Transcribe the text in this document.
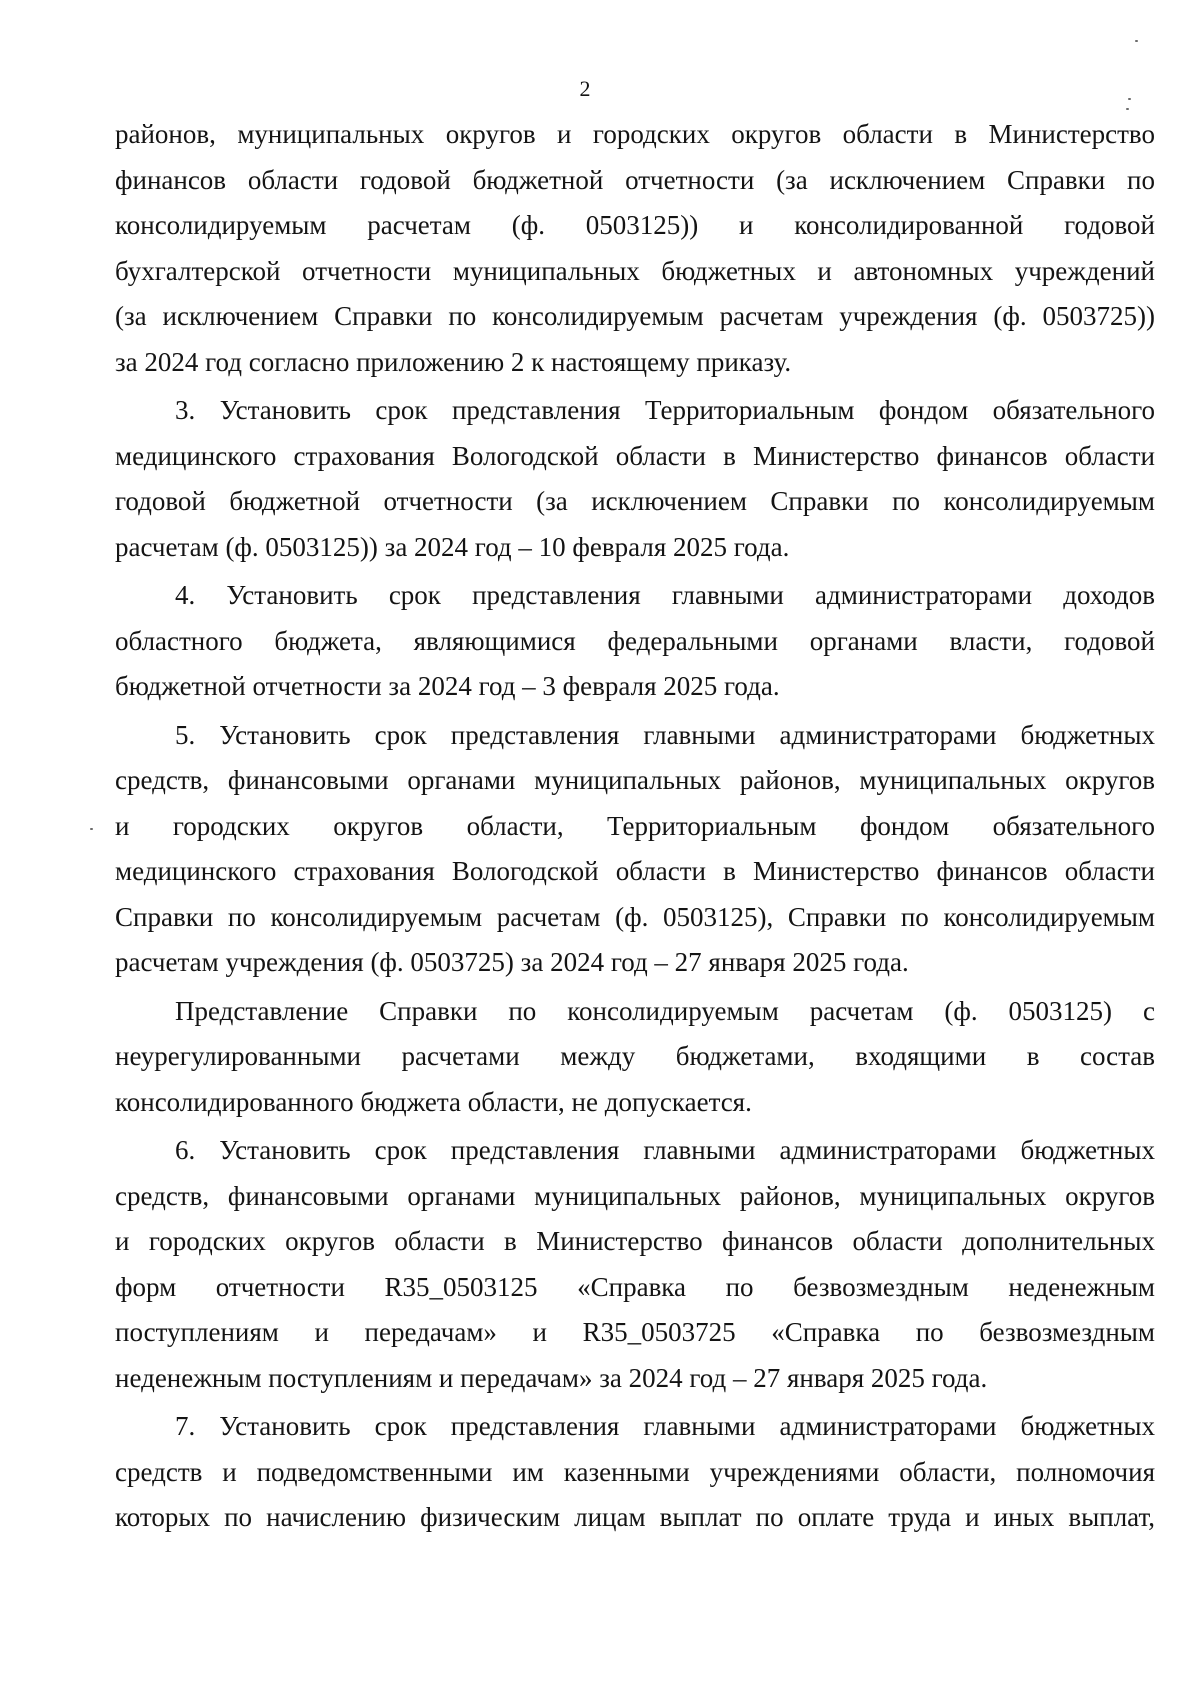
2
районов, муниципальных округов и городских округов области в Министерство
финансов области годовой бюджетной отчетности (за исключением Справки по
консолидируемым расчетам (ф. 0503125)) и консолидированной годовой
бухгалтерской отчетности муниципальных бюджетных и автономных учреждений
(за исключением Справки по консолидируемым расчетам учреждения (ф. 0503725))
за 2024 год согласно приложению 2 к настоящему приказу.
3. Установить срок представления Территориальным фондом обязательного
медицинского страхования Вологодской области в Министерство финансов области
годовой бюджетной отчетности (за исключением Справки по консолидируемым
расчетам (ф. 0503125)) за 2024 год – 10 февраля 2025 года.
4. Установить срок представления главными администраторами доходов
областного бюджета, являющимися федеральными органами власти, годовой
бюджетной отчетности за 2024 год – 3 февраля 2025 года.
5. Установить срок представления главными администраторами бюджетных
средств, финансовыми органами муниципальных районов, муниципальных округов
и городских округов области, Территориальным фондом обязательного
медицинского страхования Вологодской области в Министерство финансов области
Справки по консолидируемым расчетам (ф. 0503125), Справки по консолидируемым
расчетам учреждения (ф. 0503725) за 2024 год – 27 января 2025 года.
Представление Справки по консолидируемым расчетам (ф. 0503125) с
неурегулированными расчетами между бюджетами, входящими в состав
консолидированного бюджета области, не допускается.
6. Установить срок представления главными администраторами бюджетных
средств, финансовыми органами муниципальных районов, муниципальных округов
и городских округов области в Министерство финансов области дополнительных
форм отчетности R35_0503125 «Справка по безвозмездным неденежным
поступлениям и передачам» и R35_0503725 «Справка по безвозмездным
неденежным поступлениям и передачам» за 2024 год – 27 января 2025 года.
7. Установить срок представления главными администраторами бюджетных
средств и подведомственными им казенными учреждениями области, полномочия
которых по начислению физическим лицам выплат по оплате труда и иных выплат,
